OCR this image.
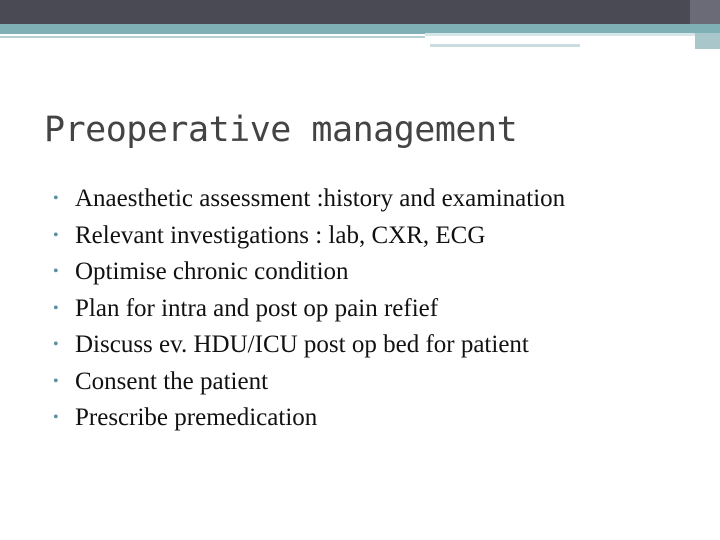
Preoperative management
• Anaesthetic assessment :history and examination
• Relevant investigations : lab, CXR, ECG
• Optimise chronic condition
• Plan for intra and post op pain refief
• Discuss ev. HDU/ICU post op bed for patient
• Consent the patient
• Prescribe premedication
